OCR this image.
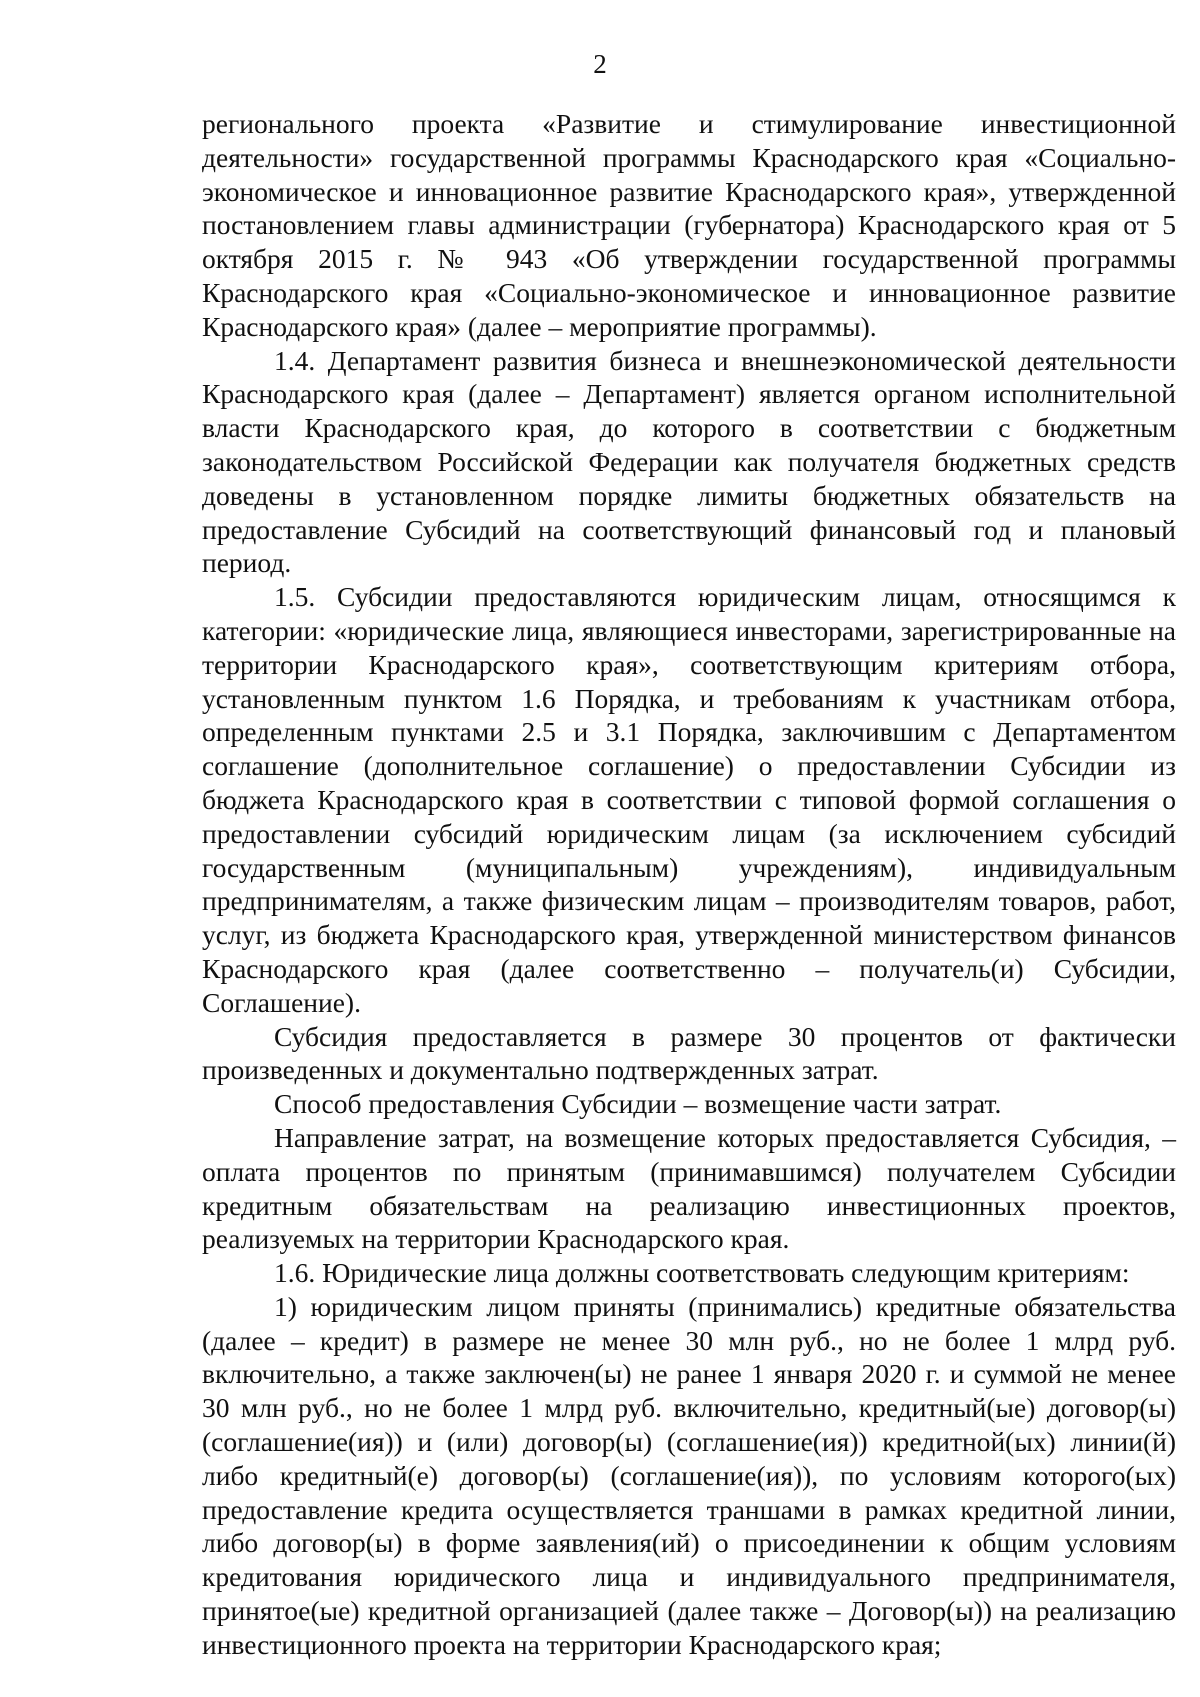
2

регионального проекта «Развитие и стимулирование инвестиционной деятельности» государственной программы Краснодарского края «Социально-экономическое и инновационное развитие Краснодарского края», утвержденной постановлением главы администрации (губернатора) Краснодарского края от 5 октября 2015 г. № 943 «Об утверждении государственной программы Краснодарского края «Социально-экономическое и инновационное развитие Краснодарского края» (далее – мероприятие программы).

1.4. Департамент развития бизнеса и внешнеэкономической деятельности Краснодарского края (далее – Департамент) является органом исполнительной власти Краснодарского края, до которого в соответствии с бюджетным законодательством Российской Федерации как получателя бюджетных средств доведены в установленном порядке лимиты бюджетных обязательств на предоставление Субсидий на соответствующий финансовый год и плановый период.

1.5. Субсидии предоставляются юридическим лицам, относящимся к категории: «юридические лица, являющиеся инвесторами, зарегистрированные на территории Краснодарского края», соответствующим критериям отбора, установленным пунктом 1.6 Порядка, и требованиям к участникам отбора, определенным пунктами 2.5 и 3.1 Порядка, заключившим с Департаментом соглашение (дополнительное соглашение) о предоставлении Субсидии из бюджета Краснодарского края в соответствии с типовой формой соглашения о предоставлении субсидий юридическим лицам (за исключением субсидий государственным (муниципальным) учреждениям), индивидуальным предпринимателям, а также физическим лицам – производителям товаров, работ, услуг, из бюджета Краснодарского края, утвержденной министерством финансов Краснодарского края (далее соответственно – получатель(и) Субсидии, Соглашение).

Субсидия предоставляется в размере 30 процентов от фактически произведенных и документально подтвержденных затрат.

Способ предоставления Субсидии – возмещение части затрат.

Направление затрат, на возмещение которых предоставляется Субсидия, – оплата процентов по принятым (принимавшимся) получателем Субсидии кредитным обязательствам на реализацию инвестиционных проектов, реализуемых на территории Краснодарского края.

1.6. Юридические лица должны соответствовать следующим критериям:

1) юридическим лицом приняты (принимались) кредитные обязательства (далее – кредит) в размере не менее 30 млн руб., но не более 1 млрд руб. включительно, а также заключен(ы) не ранее 1 января 2020 г. и суммой не менее 30 млн руб., но не более 1 млрд руб. включительно, кредитный(ые) договор(ы) (соглашение(ия)) и (или) договор(ы) (соглашение(ия)) кредитной(ых) линии(й) либо кредитный(е) договор(ы) (соглашение(ия)), по условиям которого(ых) предоставление кредита осуществляется траншами в рамках кредитной линии, либо договор(ы) в форме заявления(ий) о присоединении к общим условиям кредитования юридического лица и индивидуального предпринимателя, принятое(ые) кредитной организацией (далее также – Договор(ы)) на реализацию инвестиционного проекта на территории Краснодарского края;
